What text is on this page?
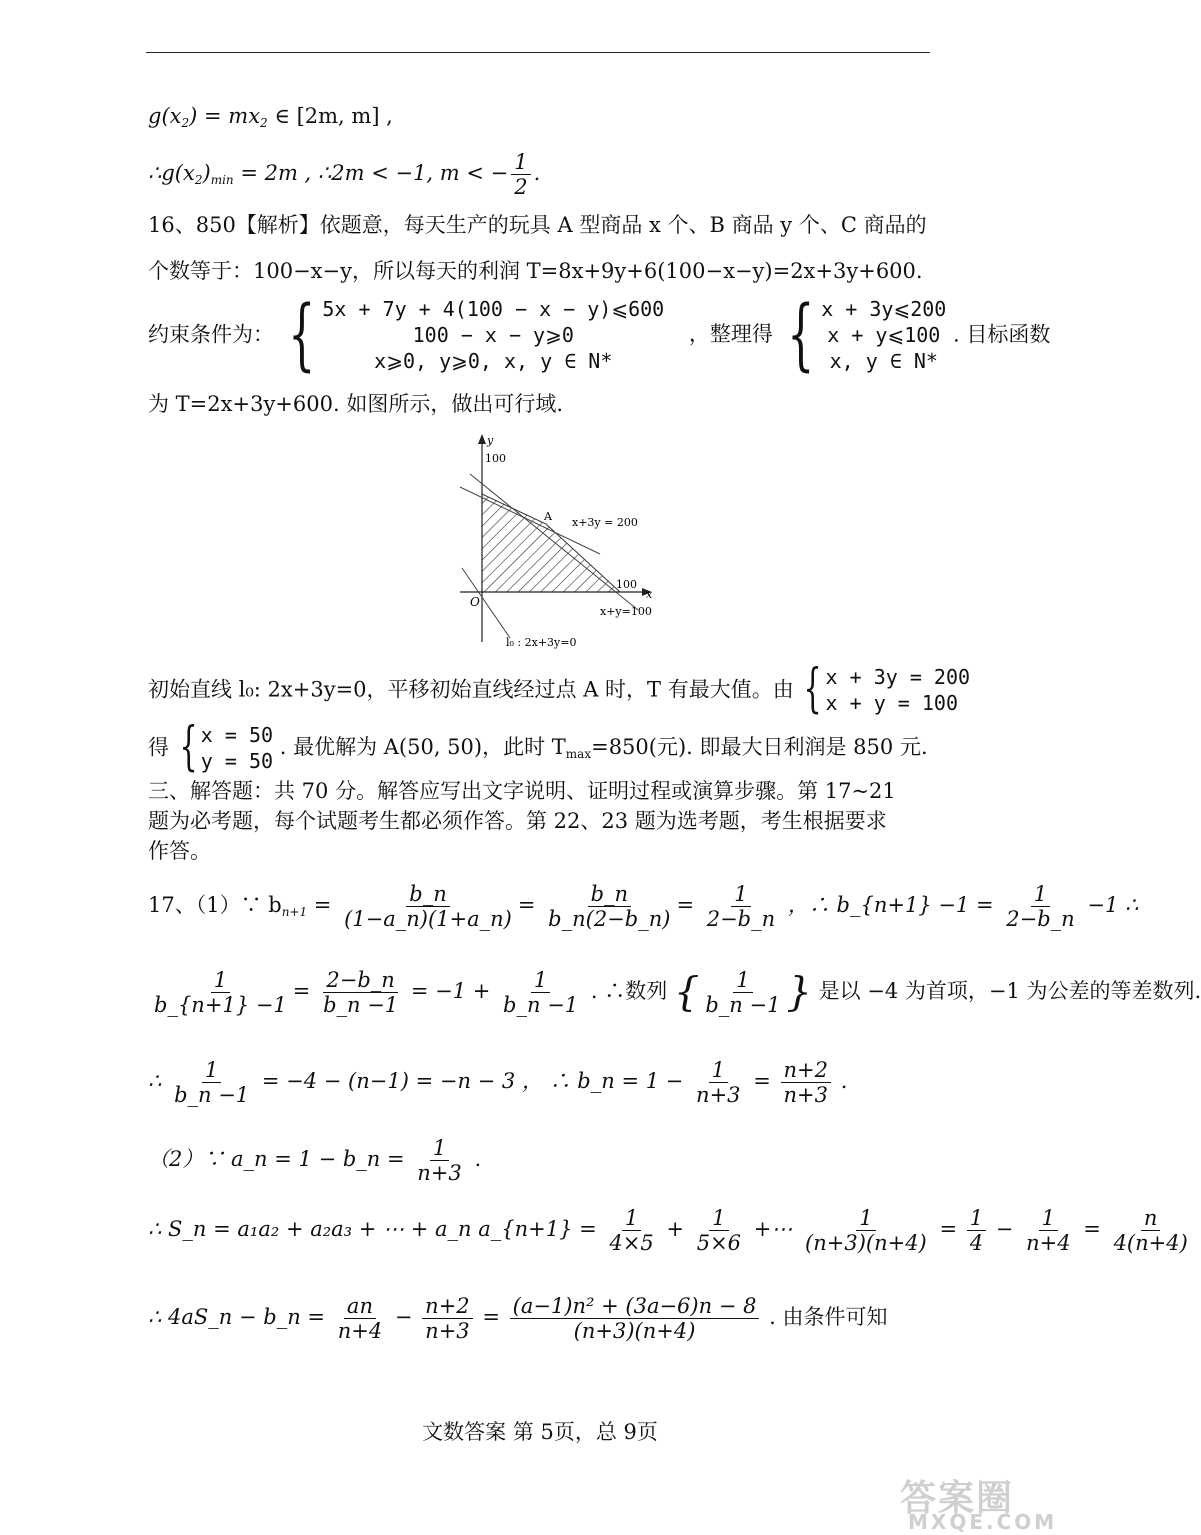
$g(x_2) = mx_2$ ∈ [2m, m] ,
$\therefore g(x_2)_{min} = 2m$ , ∴2m < −1, m < − $\frac{1}{2}$ .
16、850【解析】依题意，每天生产的玩具 A 型商品 x 个、B 商品 y 个、C 商品的
个数等于：100−x−y，所以每天的利润 T=8x+9y+6(100−x−y)=2x+3y+600.
约束条件为： { 5x + 7y + 4(100 − x − y)⩽600
100 − x − y⩾0
x⩾0, y⩾0, x, y ∈ N*
，整理得 { x + 3y⩽200
x + y⩽100
x, y ∈ N*
. 目标函数
为 T=2x+3y+600. 如图所示，做出可行域.
y
100
x
100
A
O
x+3y = 200
x+y=100
l₀ : 2x+3y=0
初始直线 l₀: 2x+3y=0，平移初始直线经过点 A 时，T 有最大值。由 { x + 3y = 200
x + y = 100
得 { x = 50
y = 50
. 最优解为 A(50, 50)，此时 $T_{max}=850$(元). 即最大日利润是 850 元.
三、解答题：共 70 分。解答应写出文字说明、证明过程或演算步骤。第 17~21
题为必考题，每个试题考生都必须作答。第 22、23 题为选考题，考生根据要求
作答。
17、（1）∵ $b_{n+1} = \frac{b\_n}{(1-a\_n)(1+a\_n)} = \frac{b\_n}{b\_n(2-b\_n)} = \frac{1}{2-b\_n}$ ，∴ b_{n+1} $-1 = \frac{1}{2-b\_n} -1$ ∴
$\frac{1}{b\_\{n+1\} -1} = \frac{2-b\_n}{b\_n -1} = -1 + \frac{1}{b\_n -1}$ . ∴数列 { $\frac{1}{b\_n -1}$ } 是以 −4 为首项，−1 为公差的等差数列.
∴ $\frac{1}{b\_n -1} = -4 - (n-1) = -n - 3$ ， ∴ b_n = $1 - \frac{1}{n+3} = \frac{n+2}{n+3}$ .
（2）∵ a_n = 1 − b_n = $\frac{1}{n+3}$ .
∴ S_n = a₁a₂ + a₂a₃ + ⋯ + a_n a_{n+1} = $\frac{1}{4\times 5} + \frac{1}{5\times 6}$ +⋯ $\frac{1}{(n+3)(n+4)} = \frac{1}{4} - \frac{1}{n+4} = \frac{n}{4(n+4)}$
∴ 4aS_n − b_n = $\frac{an}{n+4} - \frac{n+2}{n+3} = \frac{\text{(a−1)n² + (3a−6)n − 8}}{(n+3)(n+4)}$ . 由条件可知
文数答案 第 5页，总 9页
答案圈
MXQE.COM
